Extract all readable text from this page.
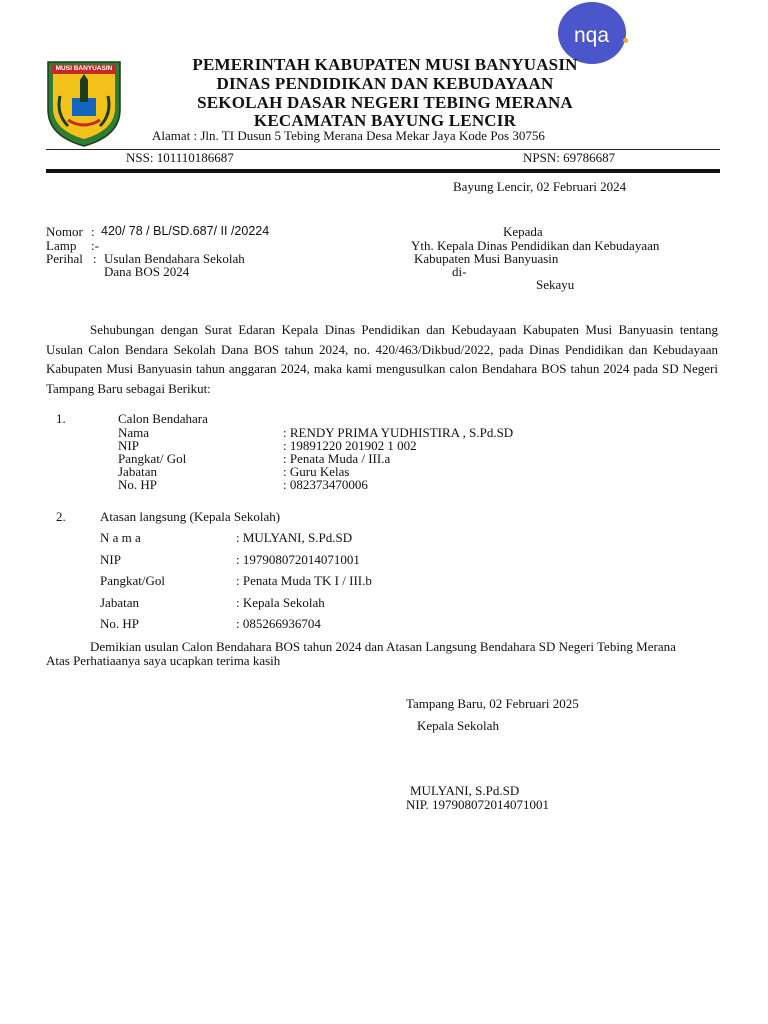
nqa
MUSI BANYUASIN	PEMERINTAH KABUPATEN MUSI BANYUASIN
DINAS PENDIDIKAN DAN KEBUDAYAAN
SEKOLAH DASAR NEGERI TEBING MERANA
KECAMATAN BAYUNG LENCIR
Alamat : Jln. TI Dusun 5 Tebing Merana Desa Mekar Jaya Kode Pos 30756
NSS: 101110186687	NPSN: 69786687
Bayung Lencir, 02 Februari 2024
Nomor : 420/ 78 / BL/SD.687/ II /20224
Lamp :-
Perihal : Usulan Bendahara Sekolah
Dana BOS 2024
Kepada
Yth. Kepala Dinas Pendidikan dan Kebudayaan
Kabupaten Musi Banyuasin
di-
Sekayu
Sehubungan dengan Surat Edaran Kepala Dinas Pendidikan dan Kebudayaan Kabupaten Musi Banyuasin tentang Usulan Calon Bendara Sekolah Dana BOS tahun 2024, no. 420/463/Dikbud/2022, pada Dinas Pendidikan dan Kebudayaan Kabupaten Musi Banyuasin tahun anggaran 2024, maka kami mengusulkan calon Bendahara BOS tahun 2024 pada SD Negeri Tampang Baru sebagai Berikut:
1.	Calon Bendahara
Nama	: RENDY PRIMA YUDHISTIRA , S.Pd.SD
NIP	: 19891220 201902 1 002
Pangkat/ Gol	: Penata Muda / III.a
Jabatan	: Guru Kelas
No. HP	: 082373470006
2.	Atasan langsung (Kepala Sekolah)
N a m a	: MULYANI, S.Pd.SD
NIP	: 197908072014071001
Pangkat/Gol	: Penata Muda TK I / III.b
Jabatan	: Kepala Sekolah
No. HP	: 085266936704
Demikian usulan Calon Bendahara BOS tahun 2024 dan Atasan Langsung Bendahara SD Negeri Tebing Merana
Atas Perhatiaanya saya ucapkan terima kasih
Tampang Baru, 02 Februari 2025
Kepala Sekolah
MULYANI, S.Pd.SD
NIP. 197908072014071001
